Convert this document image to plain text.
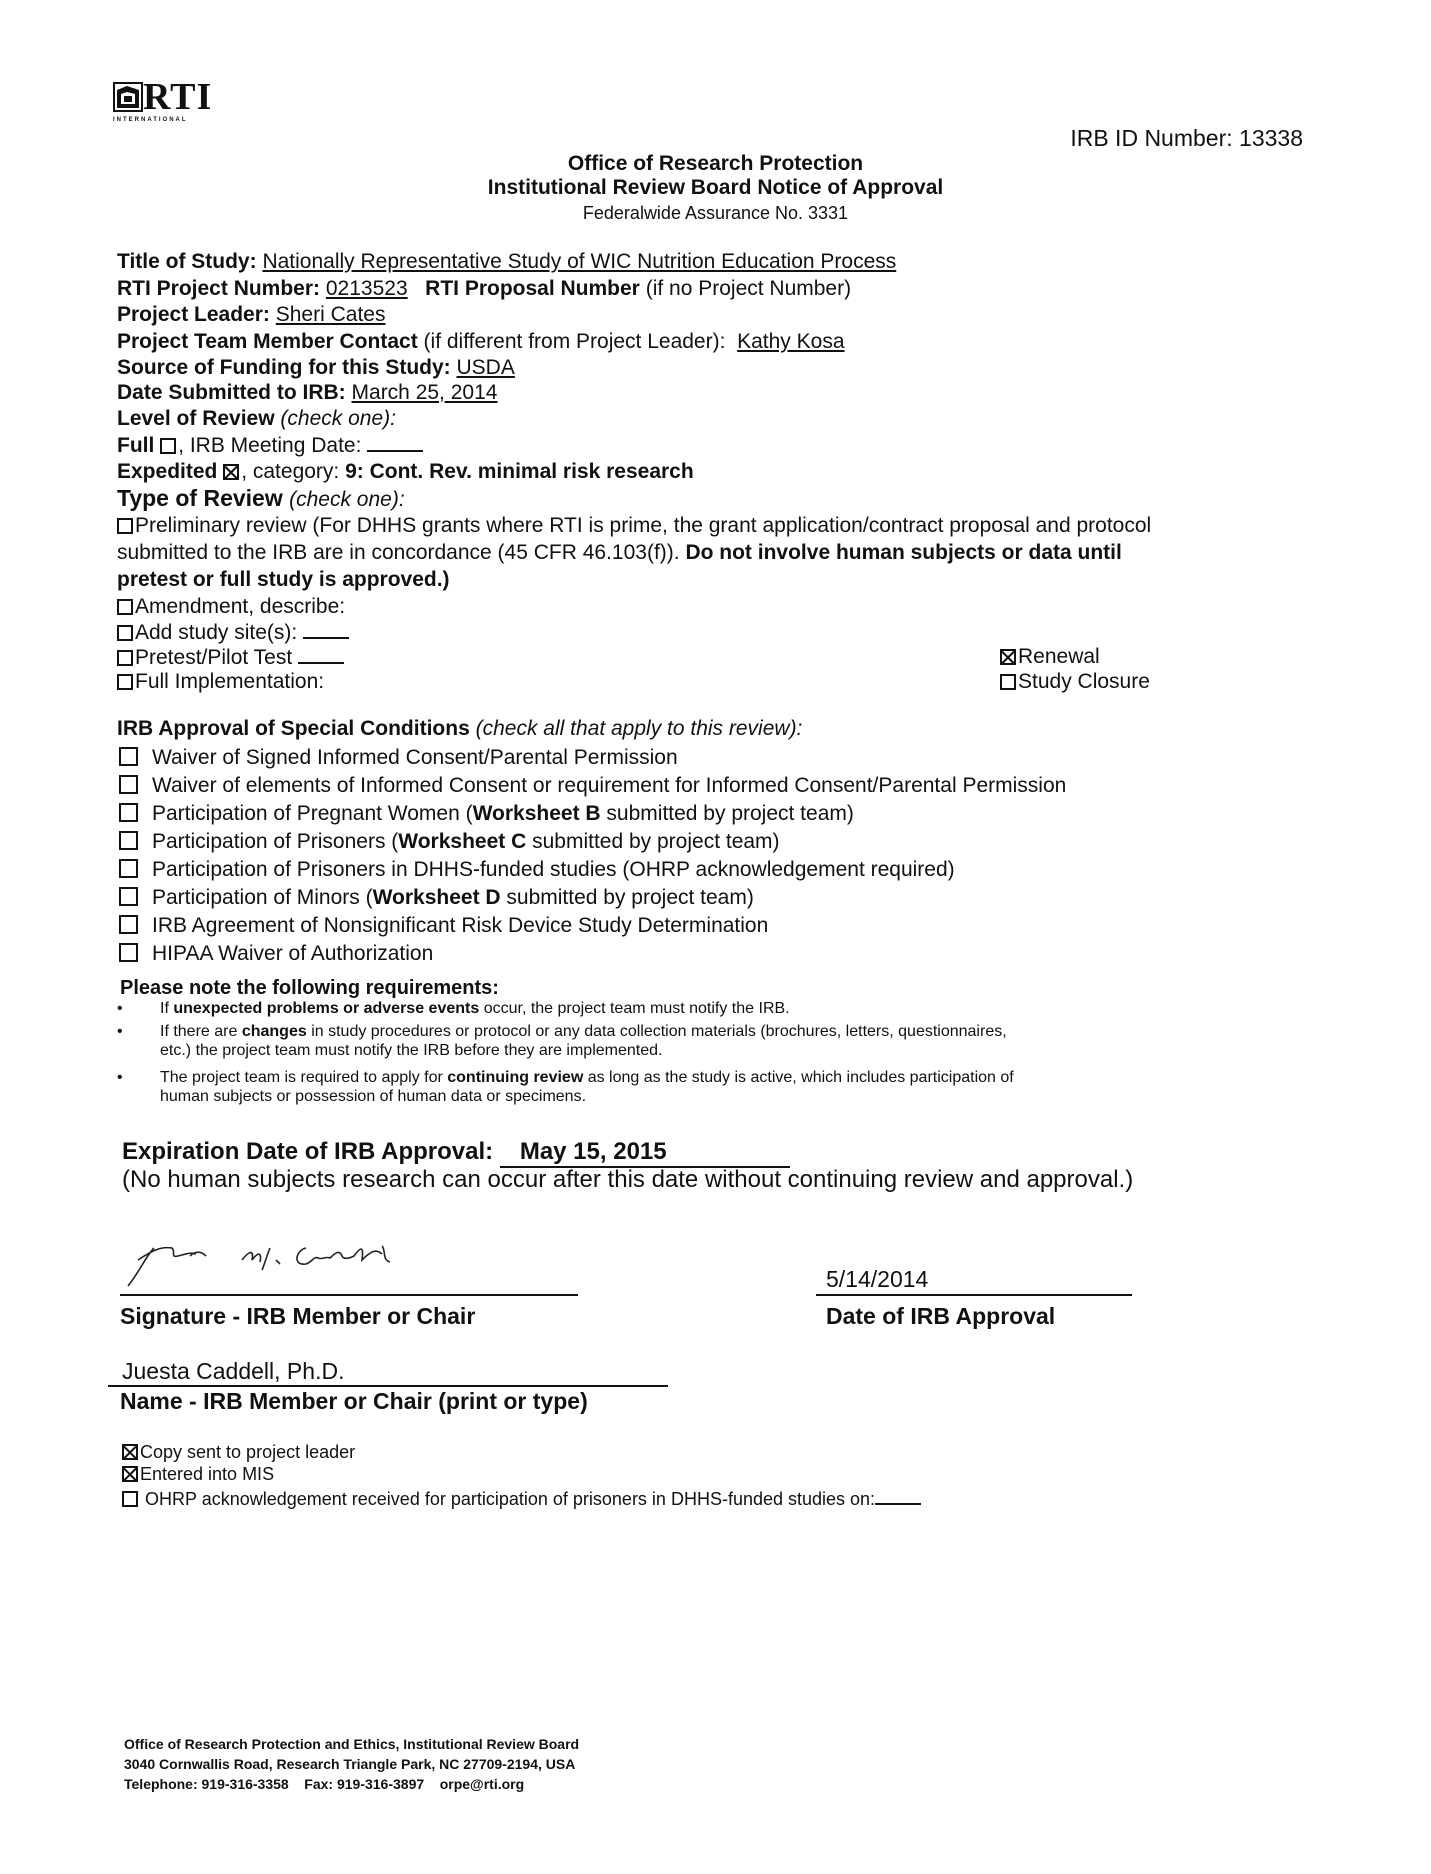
RTI
INTERNATIONAL
IRB ID Number: 13338
Office of Research Protection
Institutional Review Board Notice of Approval
Federalwide Assurance No. 3331
Title of Study: Nationally Representative Study of WIC Nutrition Education Process
RTI Project Number: 0213523 RTI Proposal Number (if no Project Number)
Project Leader: Sheri Cates
Project Team Member Contact (if different from Project Leader): Kathy Kosa
Source of Funding for this Study: USDA
Date Submitted to IRB: March 25, 2014
Level of Review (check one):
Full , IRB Meeting Date:
Expedited , category: 9: Cont. Rev. minimal risk research
Type of Review (check one):
Preliminary review (For DHHS grants where RTI is prime, the grant application/contract proposal and protocol
submitted to the IRB are in concordance (45 CFR 46.103(f)). Do not involve human subjects or data until
pretest or full study is approved.)
Amendment, describe:
Add study site(s):
Pretest/Pilot Test
Full Implementation:
Renewal
Study Closure
IRB Approval of Special Conditions (check all that apply to this review):
Waiver of Signed Informed Consent/Parental Permission
Waiver of elements of Informed Consent or requirement for Informed Consent/Parental Permission
Participation of Pregnant Women (Worksheet B submitted by project team)
Participation of Prisoners (Worksheet C submitted by project team)
Participation of Prisoners in DHHS-funded studies (OHRP acknowledgement required)
Participation of Minors (Worksheet D submitted by project team)
IRB Agreement of Nonsignificant Risk Device Study Determination
HIPAA Waiver of Authorization
Please note the following requirements:
• If unexpected problems or adverse events occur, the project team must notify the IRB.
• If there are changes in study procedures or protocol or any data collection materials (brochures, letters, questionnaires,
etc.) the project team must notify the IRB before they are implemented.
• The project team is required to apply for continuing review as long as the study is active, which includes participation of
human subjects or possession of human data or specimens.
Expiration Date of IRB Approval: May 15, 2015
(No human subjects research can occur after this date without continuing review and approval.)
Signature - IRB Member or Chair
5/14/2014
Date of IRB Approval
Juesta Caddell, Ph.D.
Name - IRB Member or Chair (print or type)
Copy sent to project leader
Entered into MIS
OHRP acknowledgement received for participation of prisoners in DHHS-funded studies on:
Office of Research Protection and Ethics, Institutional Review Board
3040 Cornwallis Road, Research Triangle Park, NC 27709-2194, USA
Telephone: 919-316-3358 Fax: 919-316-3897 orpe@rti.org
